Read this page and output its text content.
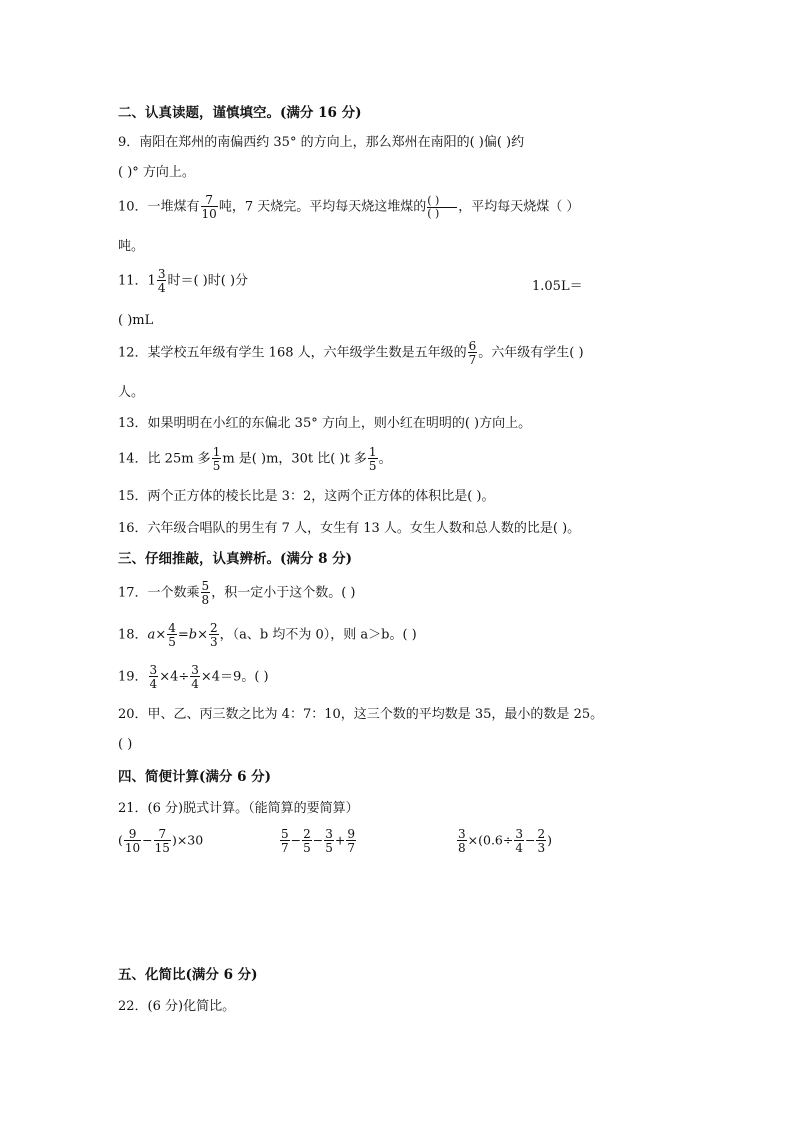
二、认真读题，谨慎填空。(满分 16 分)
9．南阳在郑州的南偏西约 35° 的方向上，那么郑州在南阳的( )偏( )约
( )° 方向上。
10．一堆煤有 $\frac{7}{10}$ 吨，7 天烧完。平均每天烧这堆煤的 $\frac{( )}{( )}$ ，平均每天烧煤（ ）
吨。
11．$1 \frac{3}{4}$ 时＝( )时( )分	1.05L＝
( )mL
12．某学校五年级有学生 168 人，六年级学生数是五年级的 $\frac{6}{7}$ 。六年级有学生( )
人。
13．如果明明在小红的东偏北 35° 方向上，则小红在明明的( )方向上。
14．比 25m 多 $\frac{1}{5}$ m 是( )m，30t 比( )t 多 $\frac{1}{5}$ 。
15．两个正方体的棱长比是 3：2，这两个正方体的体积比是( )。
16．六年级合唱队的男生有 7 人，女生有 13 人。女生人数和总人数的比是( )。
三、仔细推敲，认真辨析。(满分 8 分)
17．一个数乘 $\frac{5}{8}$ ，积一定小于这个数。( )
18．$a\times \frac{4}{5} =b\times \frac{2}{3}$ ，（a、b 均不为 0），则 a＞b。( )
19． $\frac{3}{4} \times 4\div \frac{3}{4} \times 4=9$。( )
20．甲、乙、丙三数之比为 4：7：10，这三个数的平均数是 35，最小的数是 25。
( )
四、简便计算(满分 6 分)
21．(6 分)脱式计算。（能简算的要简算）
( $\frac{9}{10} - \frac{7}{15} )\times 30$	$\frac{5}{7} - \frac{2}{5} - \frac{3}{5} + \frac{9}{7}$	$\frac{3}{8} \times(0.6\div \frac{3}{4} - \frac{2}{3}$ )
五、化简比(满分 6 分)
22．(6 分)化简比。
